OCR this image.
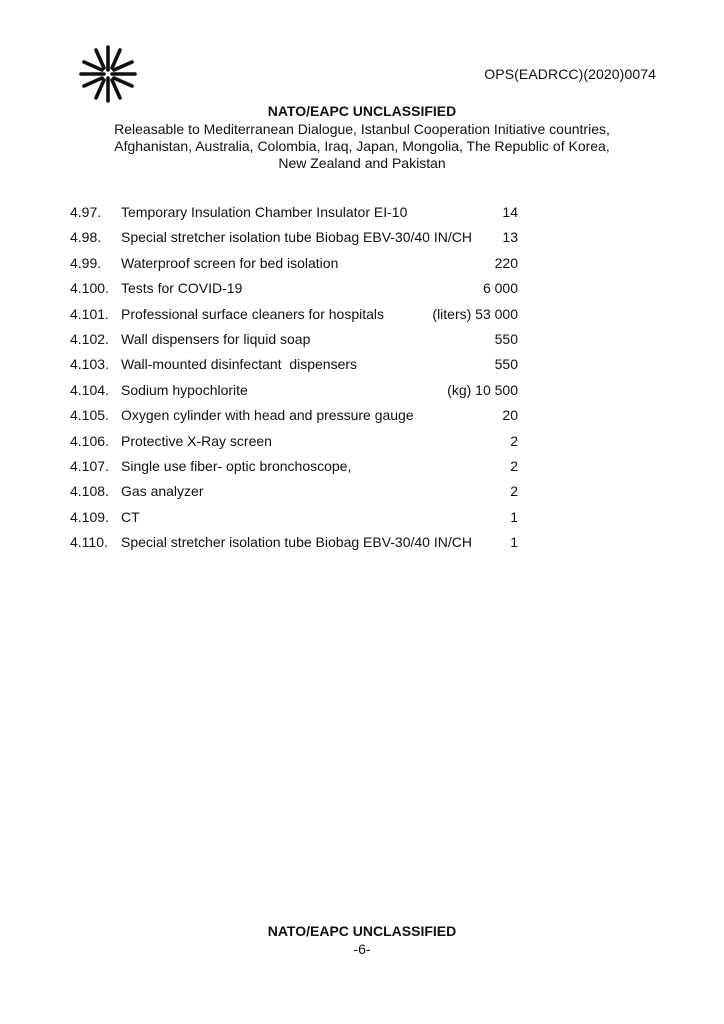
OPS(EADRCC)(2020)0074
NATO/EAPC UNCLASSIFIED
Releasable to Mediterranean Dialogue, Istanbul Cooperation Initiative countries,
Afghanistan, Australia, Colombia, Iraq, Japan, Mongolia, The Republic of Korea,
New Zealand and Pakistan
4.97. Temporary Insulation Chamber Insulator EI-10	14
4.98. Special stretcher isolation tube Biobag EBV-30/40 IN/CH 13
4.99. Waterproof screen for bed isolation	220
4.100. Tests for COVID-19	6 000
4.101. Professional surface cleaners for hospitals	(liters) 53 000
4.102. Wall dispensers for liquid soap	550
4.103. Wall-mounted disinfectant  dispensers	550
4.104. Sodium hypochlorite	(kg) 10 500
4.105. Oxygen cylinder with head and pressure gauge	20
4.106. Protective X-Ray screen	2
4.107. Single use fiber- optic bronchoscope,	2
4.108. Gas analyzer	2
4.109. CT	1
4.110. Special stretcher isolation tube Biobag EBV-30/40 IN/CH	1
NATO/EAPC UNCLASSIFIED
-6-
